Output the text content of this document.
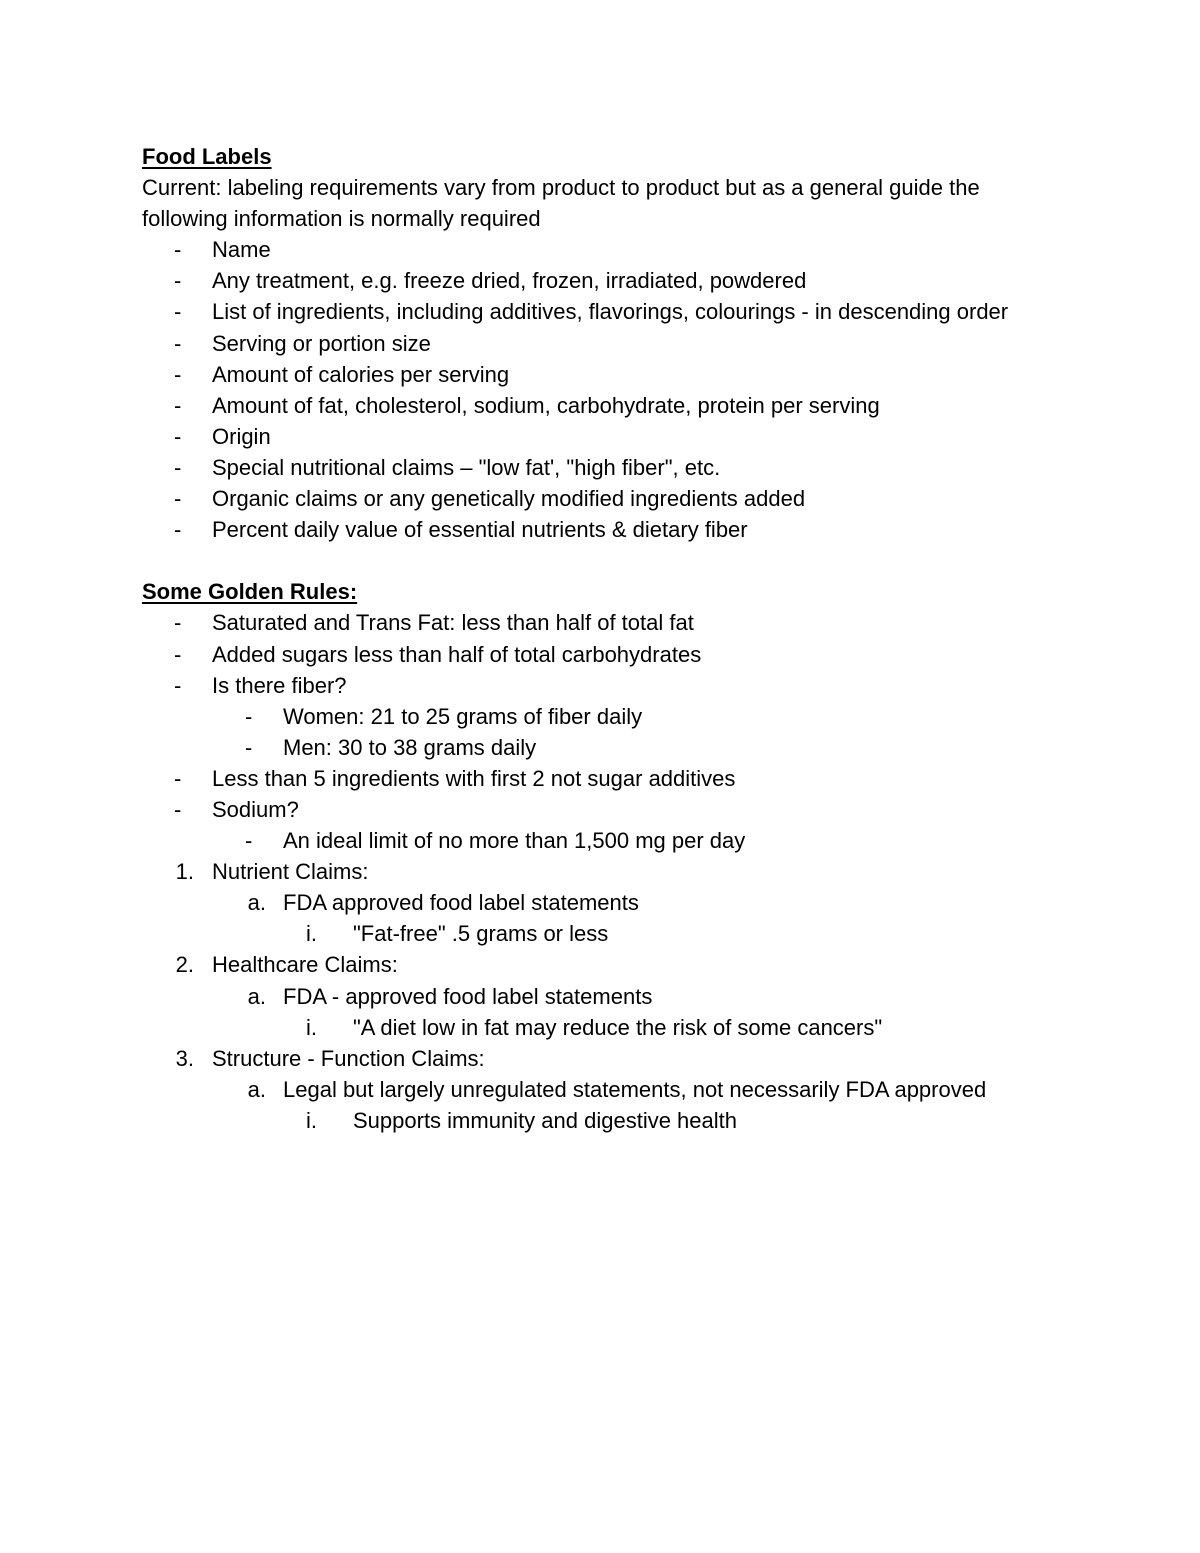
Food Labels

Current: labeling requirements vary from product to product but as a general guide the following information is normally required

- Name
- Any treatment, e.g. freeze dried, frozen, irradiated, powdered
- List of ingredients, including additives, flavorings, colourings - in descending order
- Serving or portion size
- Amount of calories per serving
- Amount of fat, cholesterol, sodium, carbohydrate, protein per serving
- Origin
- Special nutritional claims – "low fat', "high fiber", etc.
- Organic claims or any genetically modified ingredients added
- Percent daily value of essential nutrients & dietary fiber

Some Golden Rules:

- Saturated and Trans Fat: less than half of total fat
- Added sugars less than half of total carbohydrates
- Is there fiber?
- Women: 21 to 25 grams of fiber daily
- Men: 30 to 38 grams daily
- Less than 5 ingredients with first 2 not sugar additives
- Sodium?
- An ideal limit of no more than 1,500 mg per day
1. Nutrient Claims:
a. FDA approved food label statements
i. "Fat-free" .5 grams or less
2. Healthcare Claims:
a. FDA - approved food label statements
i. "A diet low in fat may reduce the risk of some cancers"
3. Structure - Function Claims:
a. Legal but largely unregulated statements, not necessarily FDA approved
i. Supports immunity and digestive health
